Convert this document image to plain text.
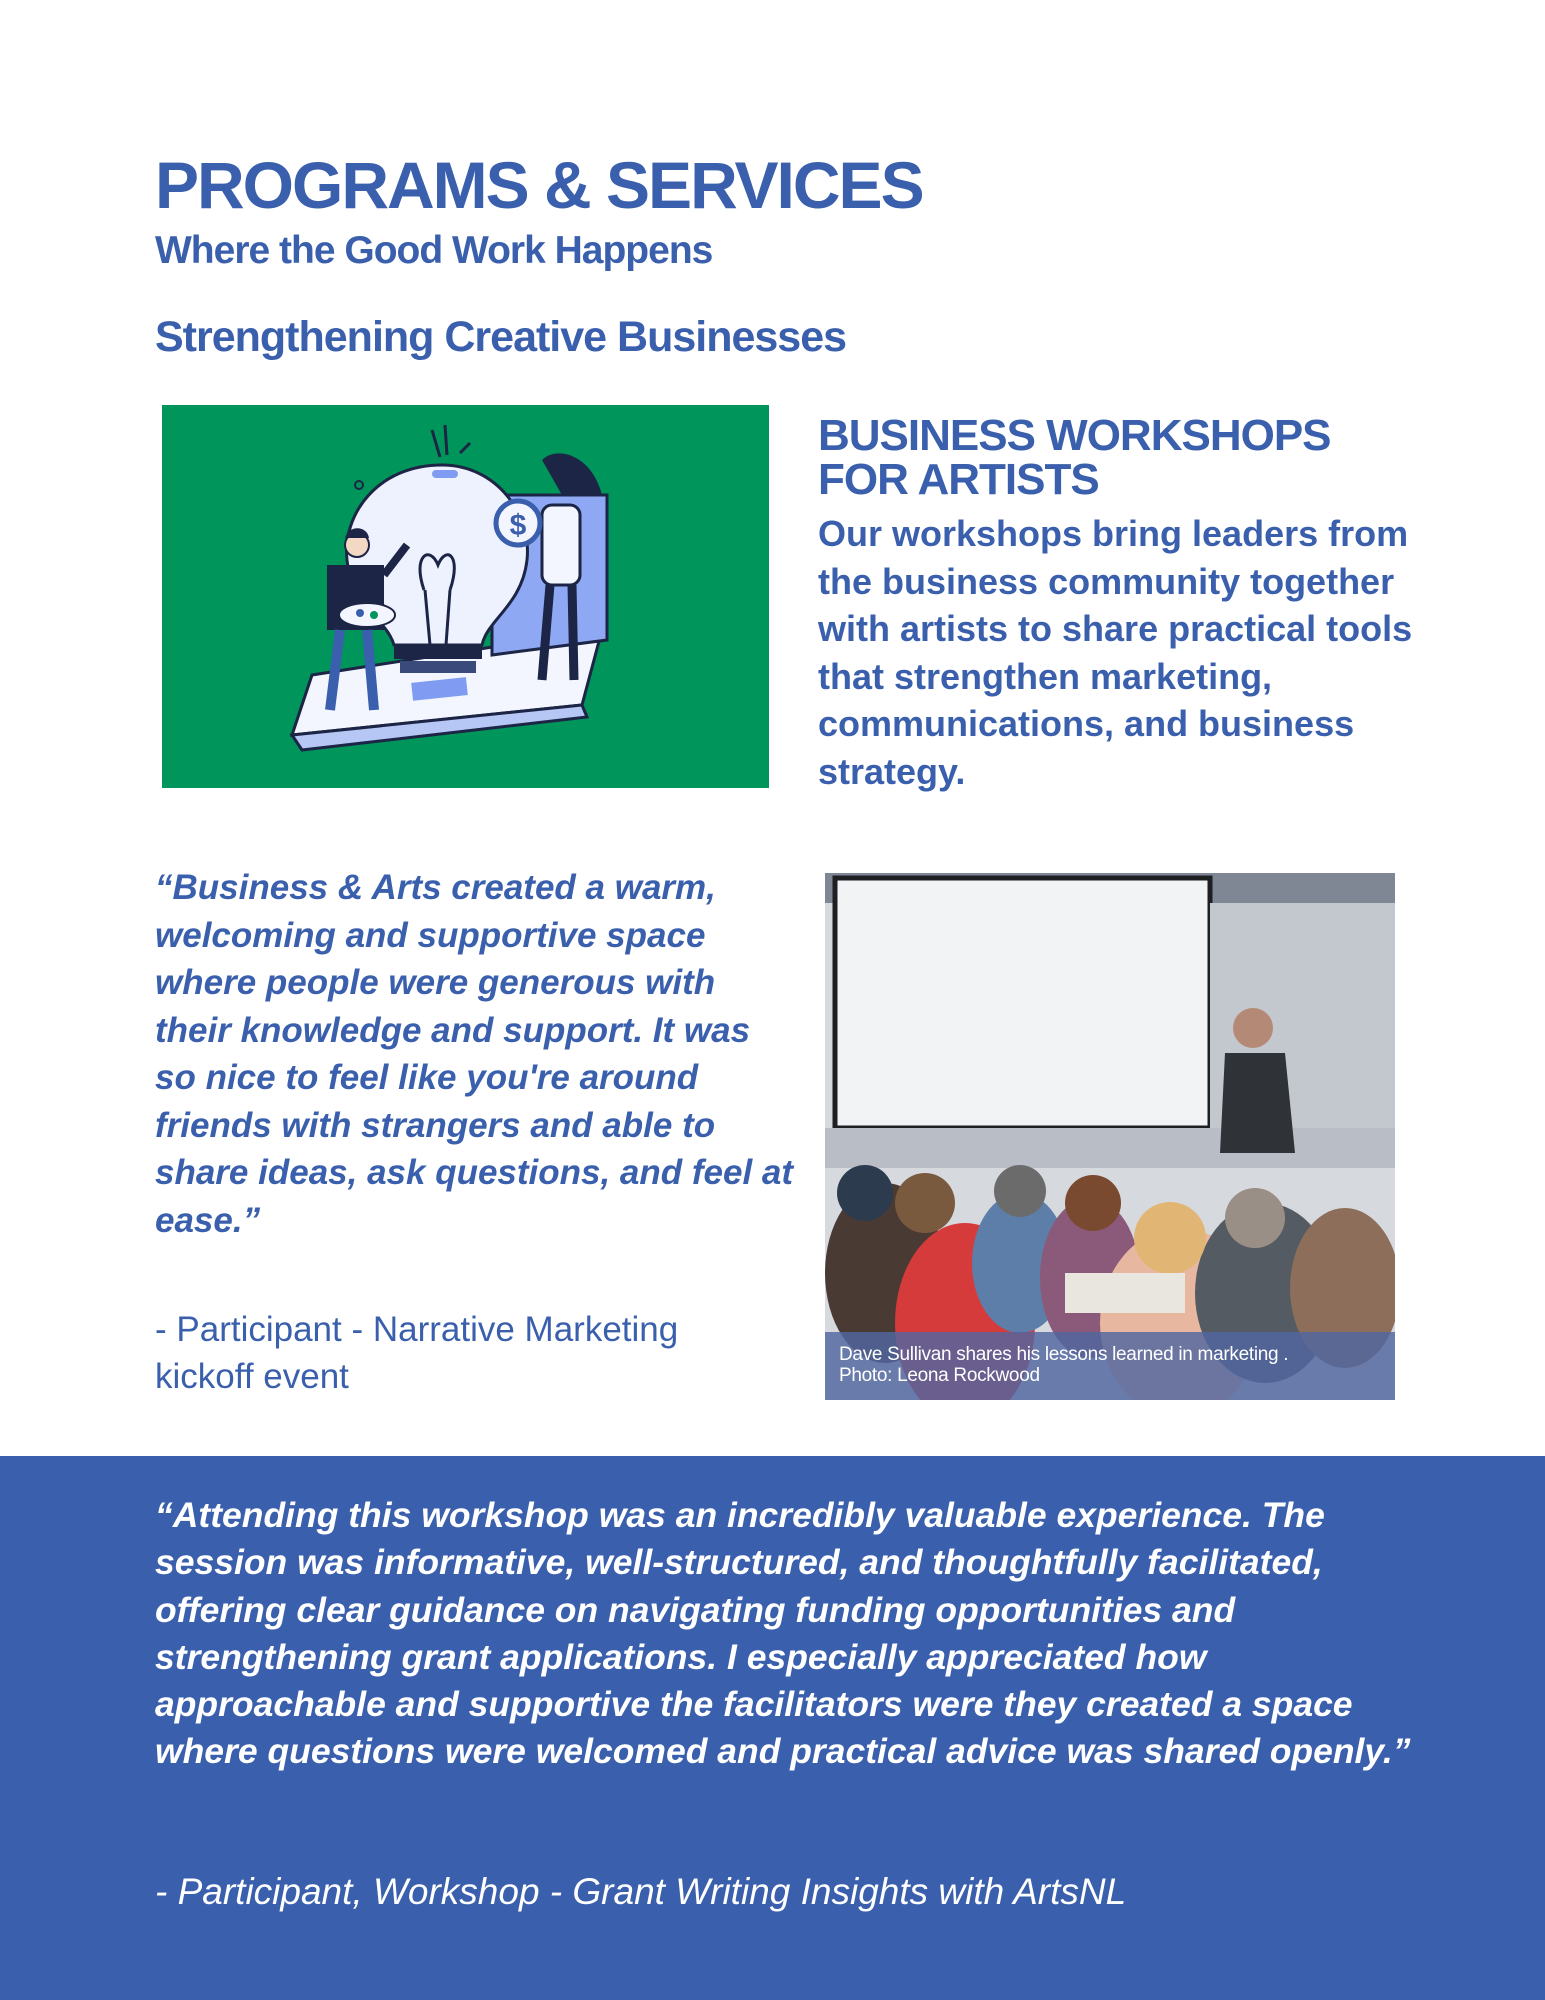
PROGRAMS & SERVICES
Where the Good Work Happens
Strengthening Creative Businesses
$
BUSINESS WORKSHOPS FOR ARTISTS

Our workshops bring leaders from the business community together with artists to share practical tools that strengthen marketing, communications, and business strategy.

“Business & Arts created a warm, welcoming and supportive space where people were generous with their knowledge and support. It was so nice to feel like you're around friends with strangers and able to share ideas, ask questions, and feel at ease.”

- Participant - Narrative Marketing kickoff event

Dave Sullivan shares his lessons learned in marketing .
Photo: Leona Rockwood

“Attending this workshop was an incredibly valuable experience. The session was informative, well-structured, and thoughtfully facilitated, offering clear guidance on navigating funding opportunities and strengthening grant applications. I especially appreciated how approachable and supportive the facilitators were they created a space where questions were welcomed and practical advice was shared openly.”

- Participant, Workshop - Grant Writing Insights with ArtsNL
